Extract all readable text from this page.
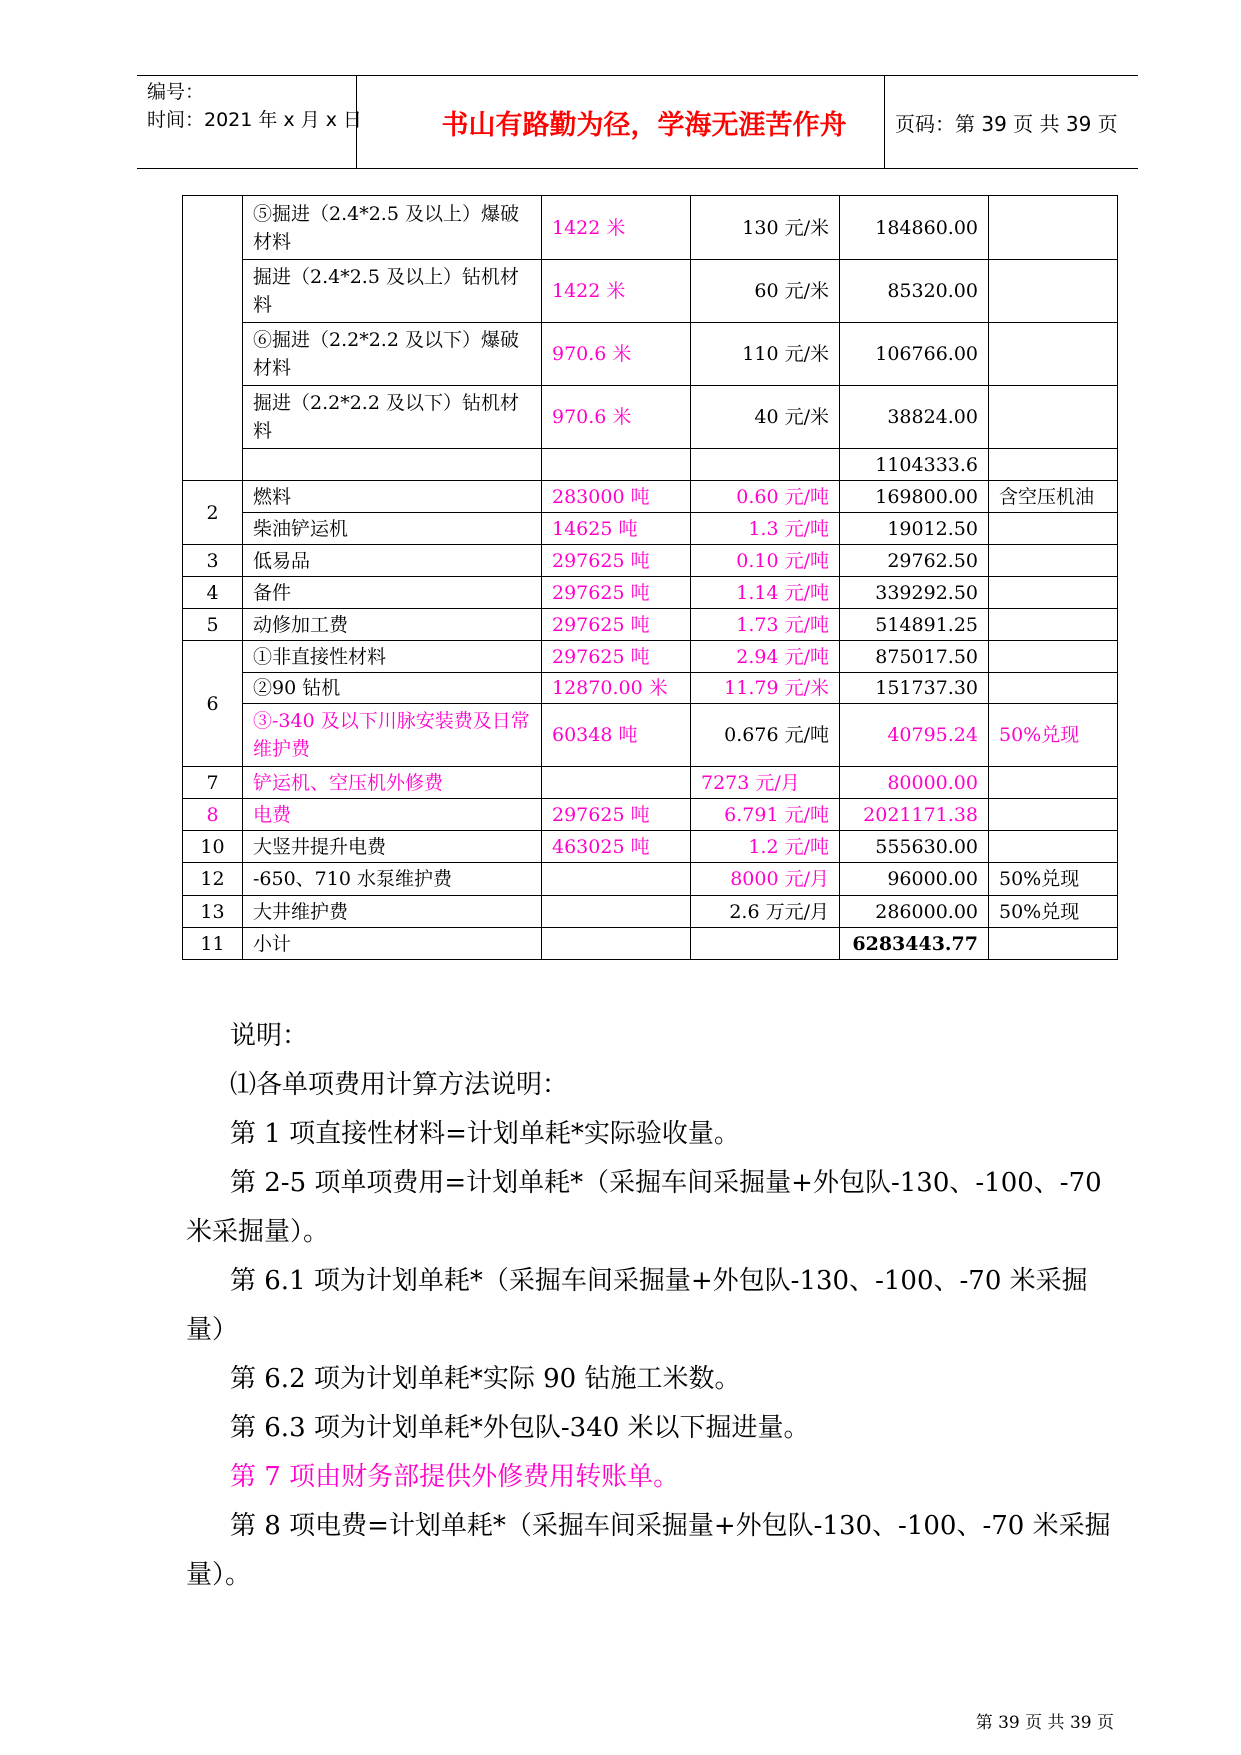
编号：
时间：2021 年 x 月 x 日	书山有路勤为径，学海无涯苦作舟	页码：第 39 页 共 39 页
	⑤掘进（2.4*2.5 及以上）爆破材料	1422 米	130 元/米	184860.00	
	掘进（2.4*2.5 及以上）钻机材料	1422 米	60 元/米	85320.00	
	⑥掘进（2.2*2.2 及以下）爆破材料	970.6 米	110 元/米	106766.00	
	掘进（2.2*2.2 及以下）钻机材料	970.6 米	40 元/米	38824.00	
				1104333.6	
2	燃料	283000 吨	0.60 元/吨	169800.00	含空压机油
	柴油铲运机	14625 吨	1.3 元/吨	19012.50	
3	低易品	297625 吨	0.10 元/吨	29762.50	
4	备件	297625 吨	1.14 元/吨	339292.50	
5	动修加工费	297625 吨	1.73 元/吨	514891.25	
6	①非直接性材料	297625 吨	2.94 元/吨	875017.50	
	②90 钻机	12870.00 米	11.79 元/米	151737.30	
	③-340 及以下川脉安装费及日常维护费	60348 吨	0.676 元/吨	40795.24	50%兑现
7	铲运机、空压机外修费		7273 元/月	80000.00	
8	电费	297625 吨	6.791 元/吨	2021171.38	
10	大竖井提升电费	463025 吨	1.2 元/吨	555630.00	
12	-650、710 水泵维护费		8000 元/月	96000.00	50%兑现
13	大井维护费		2.6 万元/月	286000.00	50%兑现
11	小计			6283443.77	

说明：

⑴各单项费用计算方法说明：

第 1 项直接性材料=计划单耗*实际验收量。

第 2-5 项单项费用=计划单耗*（采掘车间采掘量+外包队-130、-100、-70 米采掘量）。

第 6.1 项为计划单耗*（采掘车间采掘量+外包队-130、-100、-70 米采掘量）

第 6.2 项为计划单耗*实际 90 钻施工米数。

第 6.3 项为计划单耗*外包队-340 米以下掘进量。

第 7 项由财务部提供外修费用转账单。

第 8 项电费=计划单耗*（采掘车间采掘量+外包队-130、-100、-70 米采掘量）。

第 39 页 共 39 页
